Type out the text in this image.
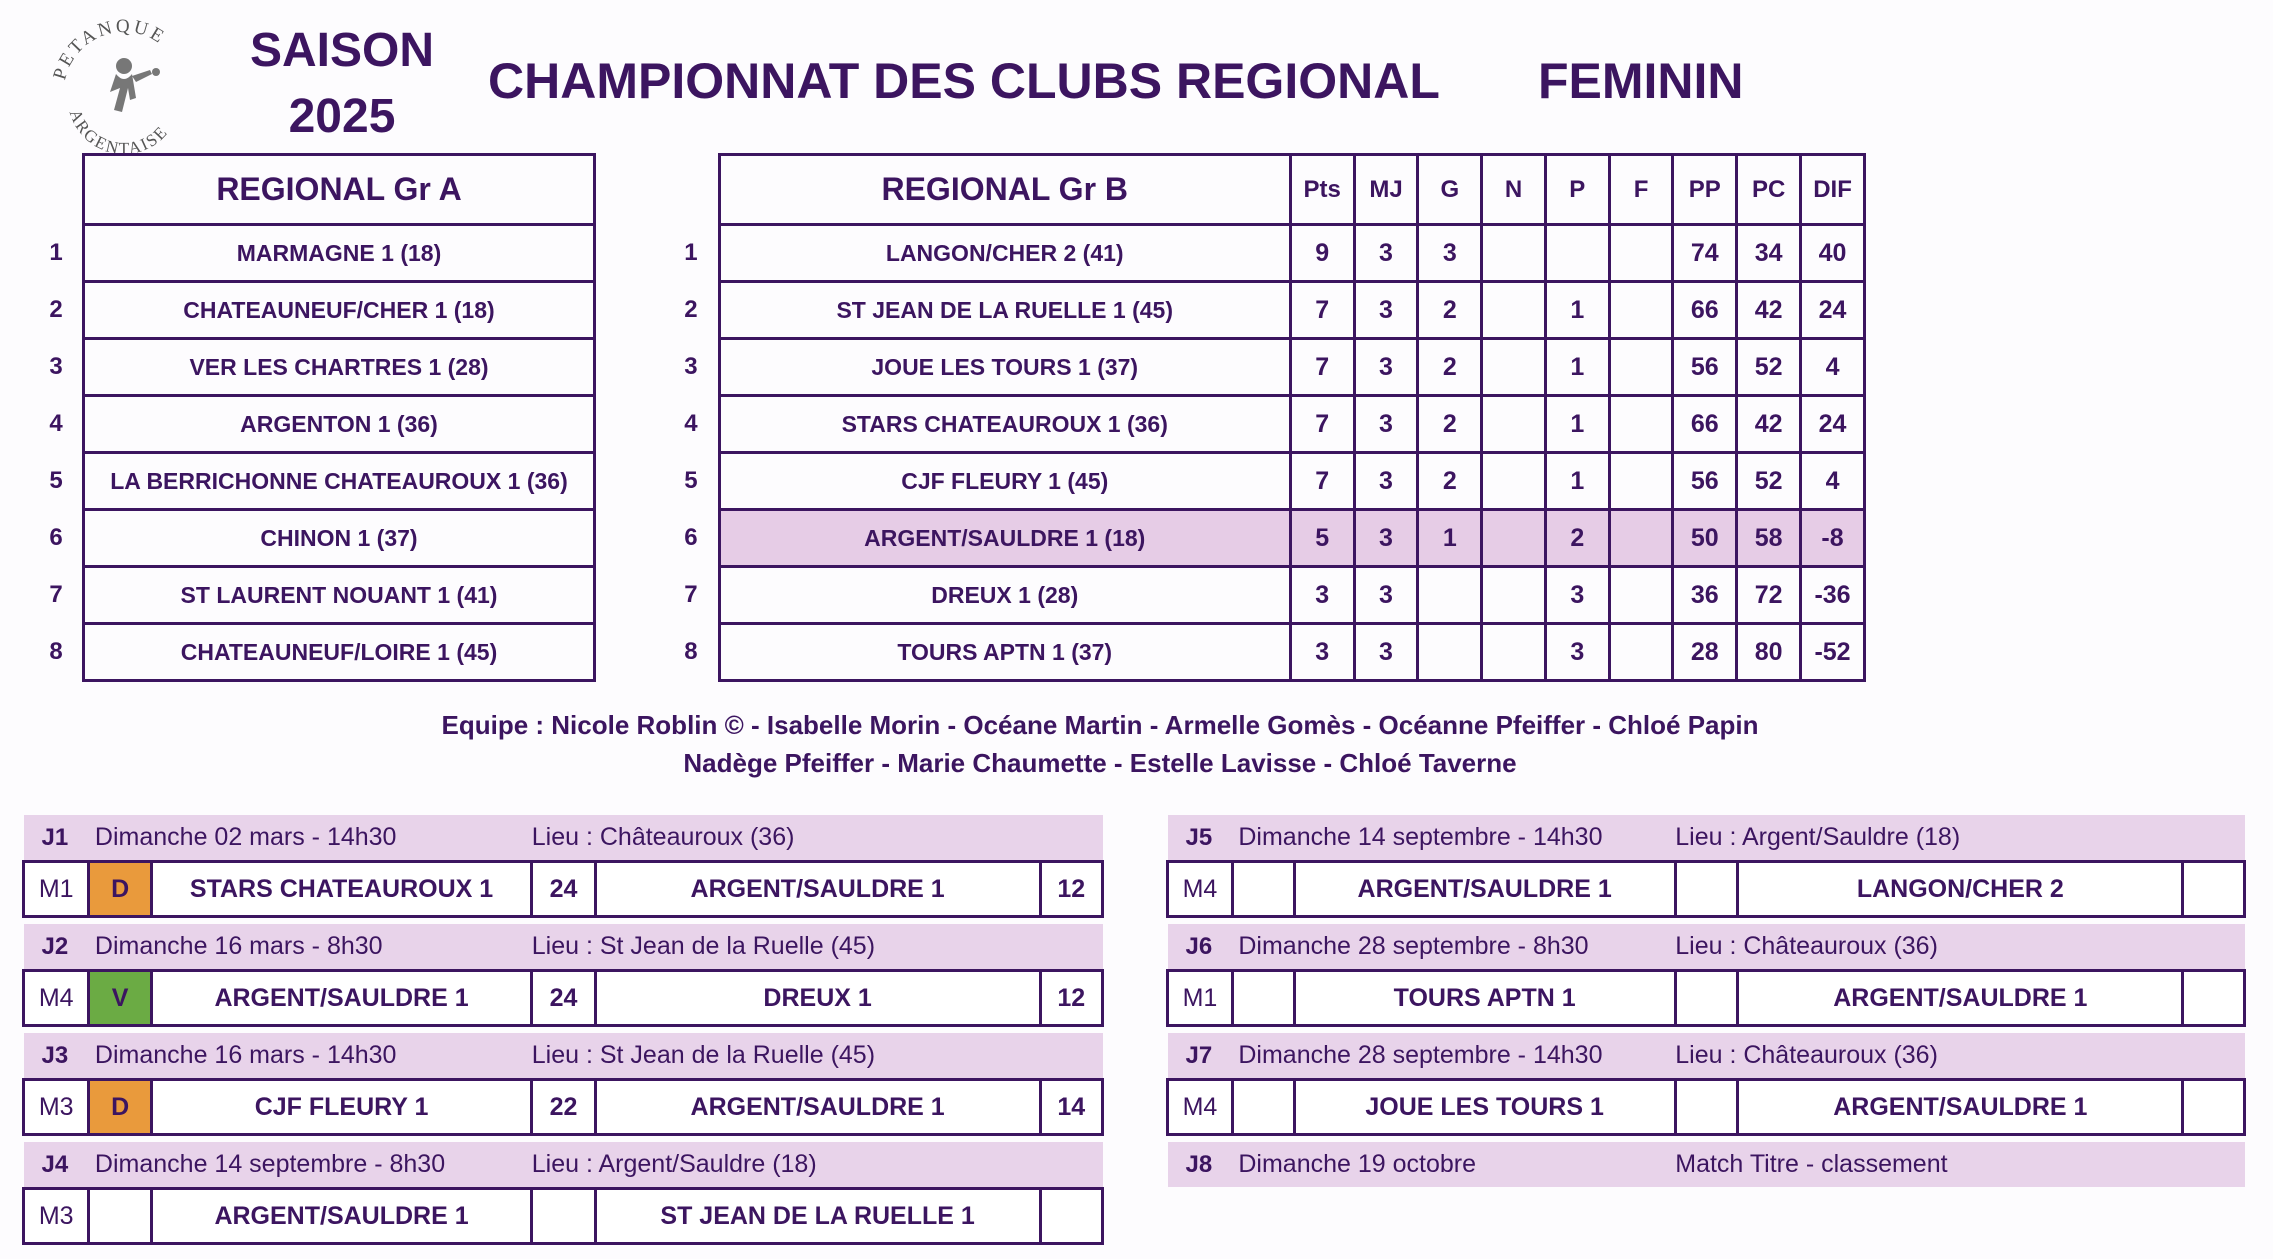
PETANQUE
ARGENTAISE
SAISON
2025
CHAMPIONNAT DES CLUBS REGIONAL FEMININ
	REGIONAL Gr A
1	MARMAGNE 1 (18)
2	CHATEAUNEUF/CHER 1 (18)
3	VER LES CHARTRES 1 (28)
4	ARGENTON 1 (36)
5	LA BERRICHONNE CHATEAUROUX 1 (36)
6	CHINON 1 (37)
7	ST LAURENT NOUANT 1 (41)
8	CHATEAUNEUF/LOIRE 1 (45)
	REGIONAL Gr B	Pts	MJ	G	N	P	F	PP	PC	DIF
1	LANGON/CHER 2 (41)	9	3	3				74	34	40
2	ST JEAN DE LA RUELLE 1 (45)	7	3	2		1		66	42	24
3	JOUE LES TOURS 1 (37)	7	3	2		1		56	52	4
4	STARS CHATEAUROUX 1 (36)	7	3	2		1		66	42	24
5	CJF FLEURY 1 (45)	7	3	2		1		56	52	4
6	ARGENT/SAULDRE 1 (18)	5	3	1		2		50	58	-8
7	DREUX 1 (28)	3	3			3		36	72	-36
8	TOURS APTN 1 (37)	3	3			3		28	80	-52
Equipe : Nicole Roblin © - Isabelle Morin - Océane Martin - Armelle Gomès - Océanne Pfeiffer - Chloé Papin
Nadège Pfeiffer - Marie Chaumette - Estelle Lavisse - Chloé Taverne
J1	Dimanche 02 mars - 14h30		Lieu : Châteauroux (36)		
M1	D	STARS CHATEAUROUX 1	24	ARGENT/SAULDRE 1	12

J2	Dimanche 16 mars - 8h30		Lieu : St Jean de la Ruelle (45)		
M4	V	ARGENT/SAULDRE 1	24	DREUX 1	12

J3	Dimanche 16 mars - 14h30		Lieu : St Jean de la Ruelle (45)		
M3	D	CJF FLEURY 1	22	ARGENT/SAULDRE 1	14

J4	Dimanche 14 septembre - 8h30		Lieu : Argent/Sauldre (18)		
M3		ARGENT/SAULDRE 1		ST JEAN DE LA RUELLE 1	

J5	Dimanche 14 septembre - 14h30		Lieu : Argent/Sauldre (18)		
M4		ARGENT/SAULDRE 1		LANGON/CHER 2	

J6	Dimanche 28 septembre - 8h30		Lieu : Châteauroux (36)		
M1		TOURS APTN 1		ARGENT/SAULDRE 1	

J7	Dimanche 28 septembre - 14h30		Lieu : Châteauroux (36)		
M4		JOUE LES TOURS 1		ARGENT/SAULDRE 1	

J8	Dimanche 19 octobre		Match Titre - classement		
